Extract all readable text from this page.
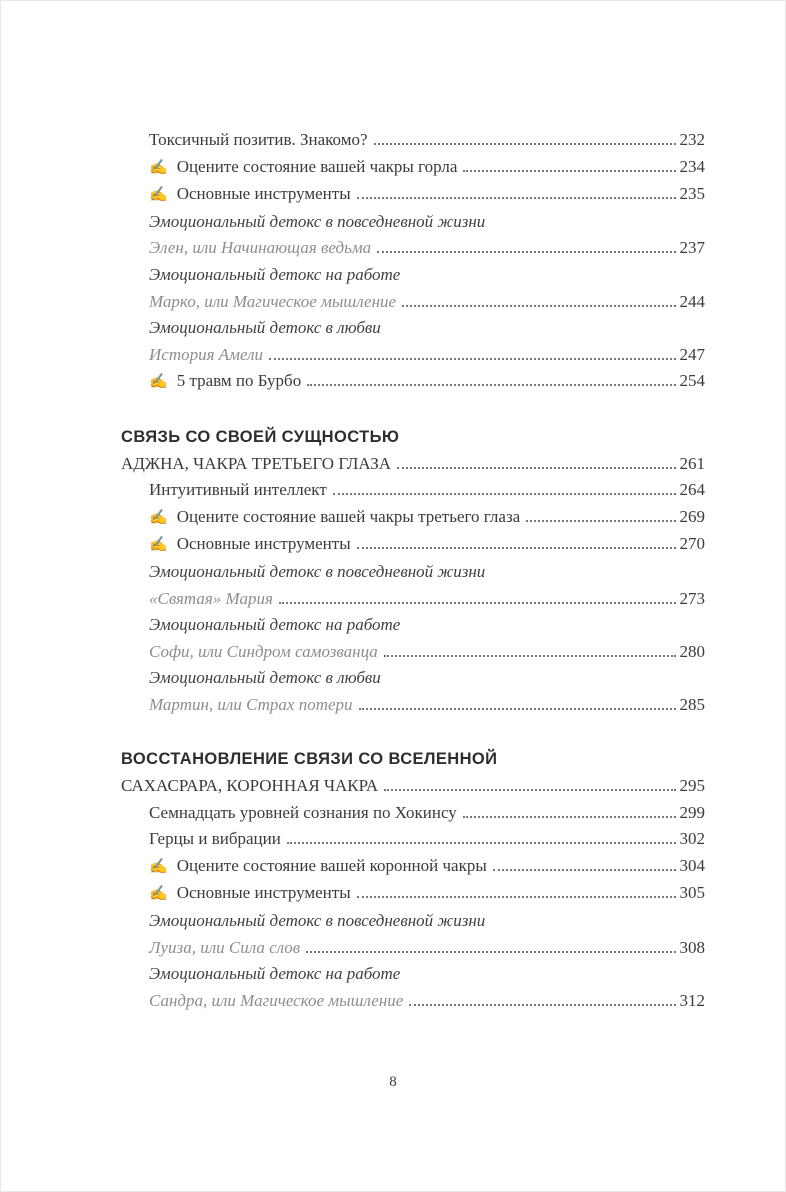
Токсичный позитив. Знакомо?	232
✍ Оцените состояние вашей чакры горла	234
✍ Основные инструменты	235
Эмоциональный детокс в повседневной жизни
Элен, или Начинающая ведьма	237
Эмоциональный детокс на работе
Марко, или Магическое мышление	244
Эмоциональный детокс в любви
История Амели	247
✍ 5 травм по Бурбо	254
СВЯЗЬ СО СВОЕЙ СУЩНОСТЬЮ
АДЖНА, ЧАКРА ТРЕТЬЕГО ГЛАЗА	261
Интуитивный интеллект	264
✍ Оцените состояние вашей чакры третьего глаза	269
✍ Основные инструменты	270
Эмоциональный детокс в повседневной жизни
«Святая» Мария	273
Эмоциональный детокс на работе
Софи, или Синдром самозванца	280
Эмоциональный детокс в любви
Мартин, или Страх потери	285
ВОССТАНОВЛЕНИЕ СВЯЗИ СО ВСЕЛЕННОЙ
САХАСРАРА, КОРОННАЯ ЧАКРА	295
Семнадцать уровней сознания по Хокинсу	299
Герцы и вибрации	302
✍ Оцените состояние вашей коронной чакры	304
✍ Основные инструменты	305
Эмоциональный детокс в повседневной жизни
Луиза, или Сила слов	308
Эмоциональный детокс на работе
Сандра, или Магическое мышление	312
8
